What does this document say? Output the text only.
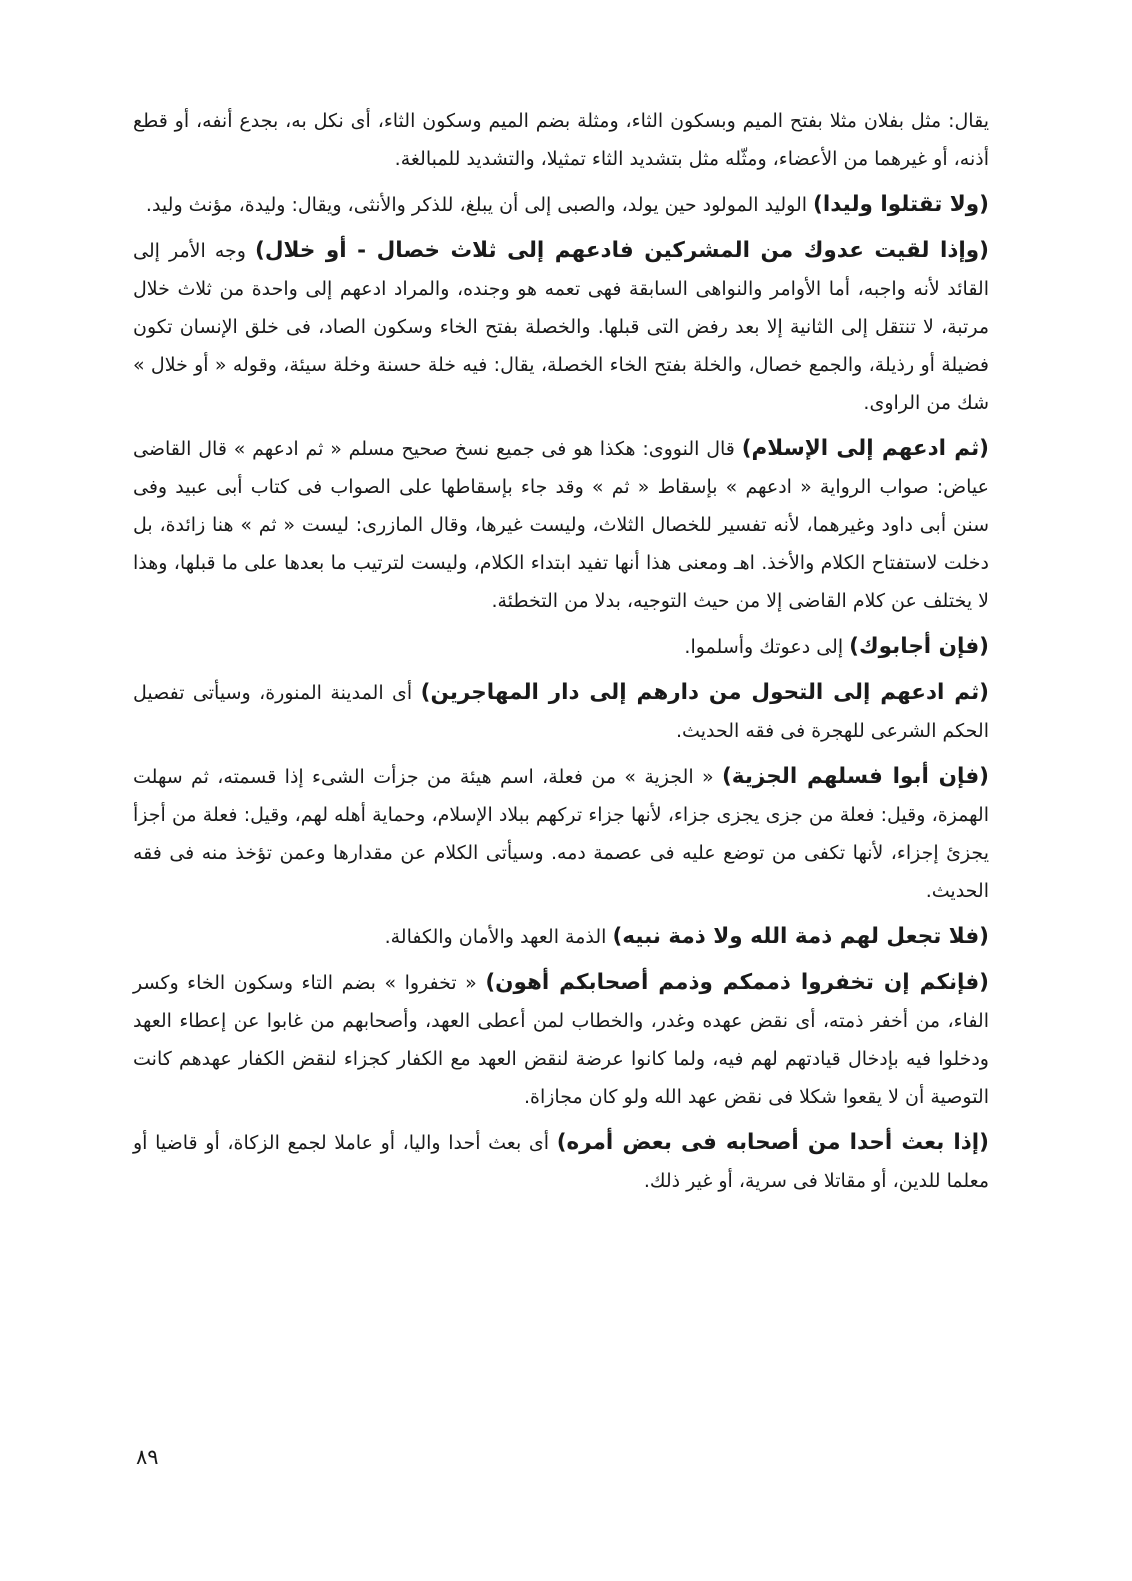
يقال: مثل بفلان مثلا بفتح الميم وبسكون الثاء، ومثلة بضم الميم وسكون الثاء، أى نكل به، بجدع أنفه، أو قطع أذنه، أو غيرهما من الأعضاء، ومثّله مثل بتشديد الثاء تمثيلا، والتشديد للمبالغة.

(ولا تقتلوا وليدا) الوليد المولود حين يولد، والصبى إلى أن يبلغ، للذكر والأنثى، ويقال: وليدة، مؤنث وليد.

(وإذا لقيت عدوك من المشركين فادعهم إلى ثلاث خصال - أو خلال) وجه الأمر إلى القائد لأنه واجبه، أما الأوامر والنواهى السابقة فهى تعمه هو وجنده، والمراد ادعهم إلى واحدة من ثلاث خلال مرتبة، لا تنتقل إلى الثانية إلا بعد رفض التى قبلها. والخصلة بفتح الخاء وسكون الصاد، فى خلق الإنسان تكون فضيلة أو رذيلة، والجمع خصال، والخلة بفتح الخاء الخصلة، يقال: فيه خلة حسنة وخلة سيئة، وقوله « أو خلال » شك من الراوى.

(ثم ادعهم إلى الإسلام) قال النووى: هكذا هو فى جميع نسخ صحيح مسلم « ثم ادعهم » قال القاضى عياض: صواب الرواية « ادعهم » بإسقاط « ثم » وقد جاء بإسقاطها على الصواب فى كتاب أبى عبيد وفى سنن أبى داود وغيرهما، لأنه تفسير للخصال الثلاث، وليست غيرها، وقال المازرى: ليست « ثم » هنا زائدة، بل دخلت لاستفتاح الكلام والأخذ. اهـ ومعنى هذا أنها تفيد ابتداء الكلام، وليست لترتيب ما بعدها على ما قبلها، وهذا لا يختلف عن كلام القاضى إلا من حيث التوجيه، بدلا من التخطئة.

(فإن أجابوك) إلى دعوتك وأسلموا.

(ثم ادعهم إلى التحول من دارهم إلى دار المهاجرين) أى المدينة المنورة، وسيأتى تفصيل الحكم الشرعى للهجرة فى فقه الحديث.

(فإن أبوا فسلهم الجزية) « الجزية » من فعلة، اسم هيئة من جزأت الشىء إذا قسمته، ثم سهلت الهمزة، وقيل: فعلة من جزى يجزى جزاء، لأنها جزاء تركهم ببلاد الإسلام، وحماية أهله لهم، وقيل: فعلة من أجزأ يجزئ إجزاء، لأنها تكفى من توضع عليه فى عصمة دمه. وسيأتى الكلام عن مقدارها وعمن تؤخذ منه فى فقه الحديث.

(فلا تجعل لهم ذمة الله ولا ذمة نبيه) الذمة العهد والأمان والكفالة.

(فإنكم إن تخفروا ذممكم وذمم أصحابكم أهون) « تخفروا » بضم التاء وسكون الخاء وكسر الفاء، من أخفر ذمته، أى نقض عهده وغدر، والخطاب لمن أعطى العهد، وأصحابهم من غابوا عن إعطاء العهد ودخلوا فيه بإدخال قيادتهم لهم فيه، ولما كانوا عرضة لنقض العهد مع الكفار كجزاء لنقض الكفار عهدهم كانت التوصية أن لا يقعوا شكلا فى نقض عهد الله ولو كان مجازاة.

(إذا بعث أحدا من أصحابه فى بعض أمره) أى بعث أحدا واليا، أو عاملا لجمع الزكاة، أو قاضيا أو معلما للدين، أو مقاتلا فى سرية، أو غير ذلك.

٨٩
